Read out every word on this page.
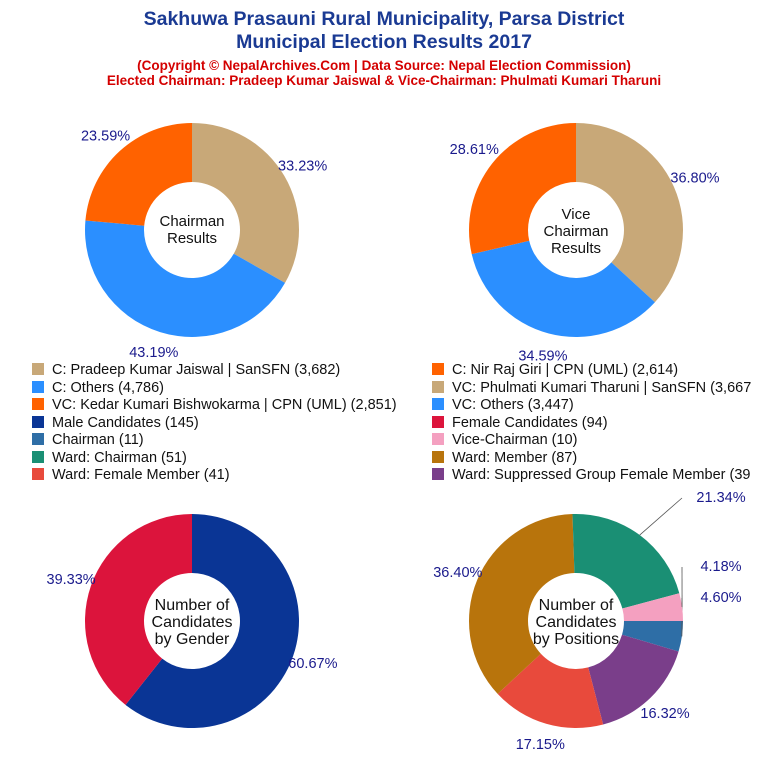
Sakhuwa Prasauni Rural Municipality, Parsa District
Municipal Election Results 2017

(Copyright © NepalArchives.Com | Data Source: Nepal Election Commission)

Elected Chairman: Pradeep Kumar Jaiswal & Vice-Chairman: Phulmati Kumari Tharuni

33.23%
43.19%
23.59%
Chairman
Results
36.80%
34.59%
28.61%
Vice
Chairman
Results
60.67%
39.33%
Number of
Candidates
by Gender
4.60%
16.32%
17.15%
36.40%
21.34%
4.18%
Number of
Candidates
by Positions
C: Pradeep Kumar Jaiswal | SanSFN (3,682)
C: Others (4,786)
VC: Kedar Kumari Bishwokarma | CPN (UML) (2,851)
Male Candidates (145)
Chairman (11)
Ward: Chairman (51)
Ward: Female Member (41)
C: Nir Raj Giri | CPN (UML) (2,614)
VC: Phulmati Kumari Tharuni | SanSFN (3,667
VC: Others (3,447)
Female Candidates (94)
Vice-Chairman (10)
Ward: Member (87)
Ward: Suppressed Group Female Member (39
